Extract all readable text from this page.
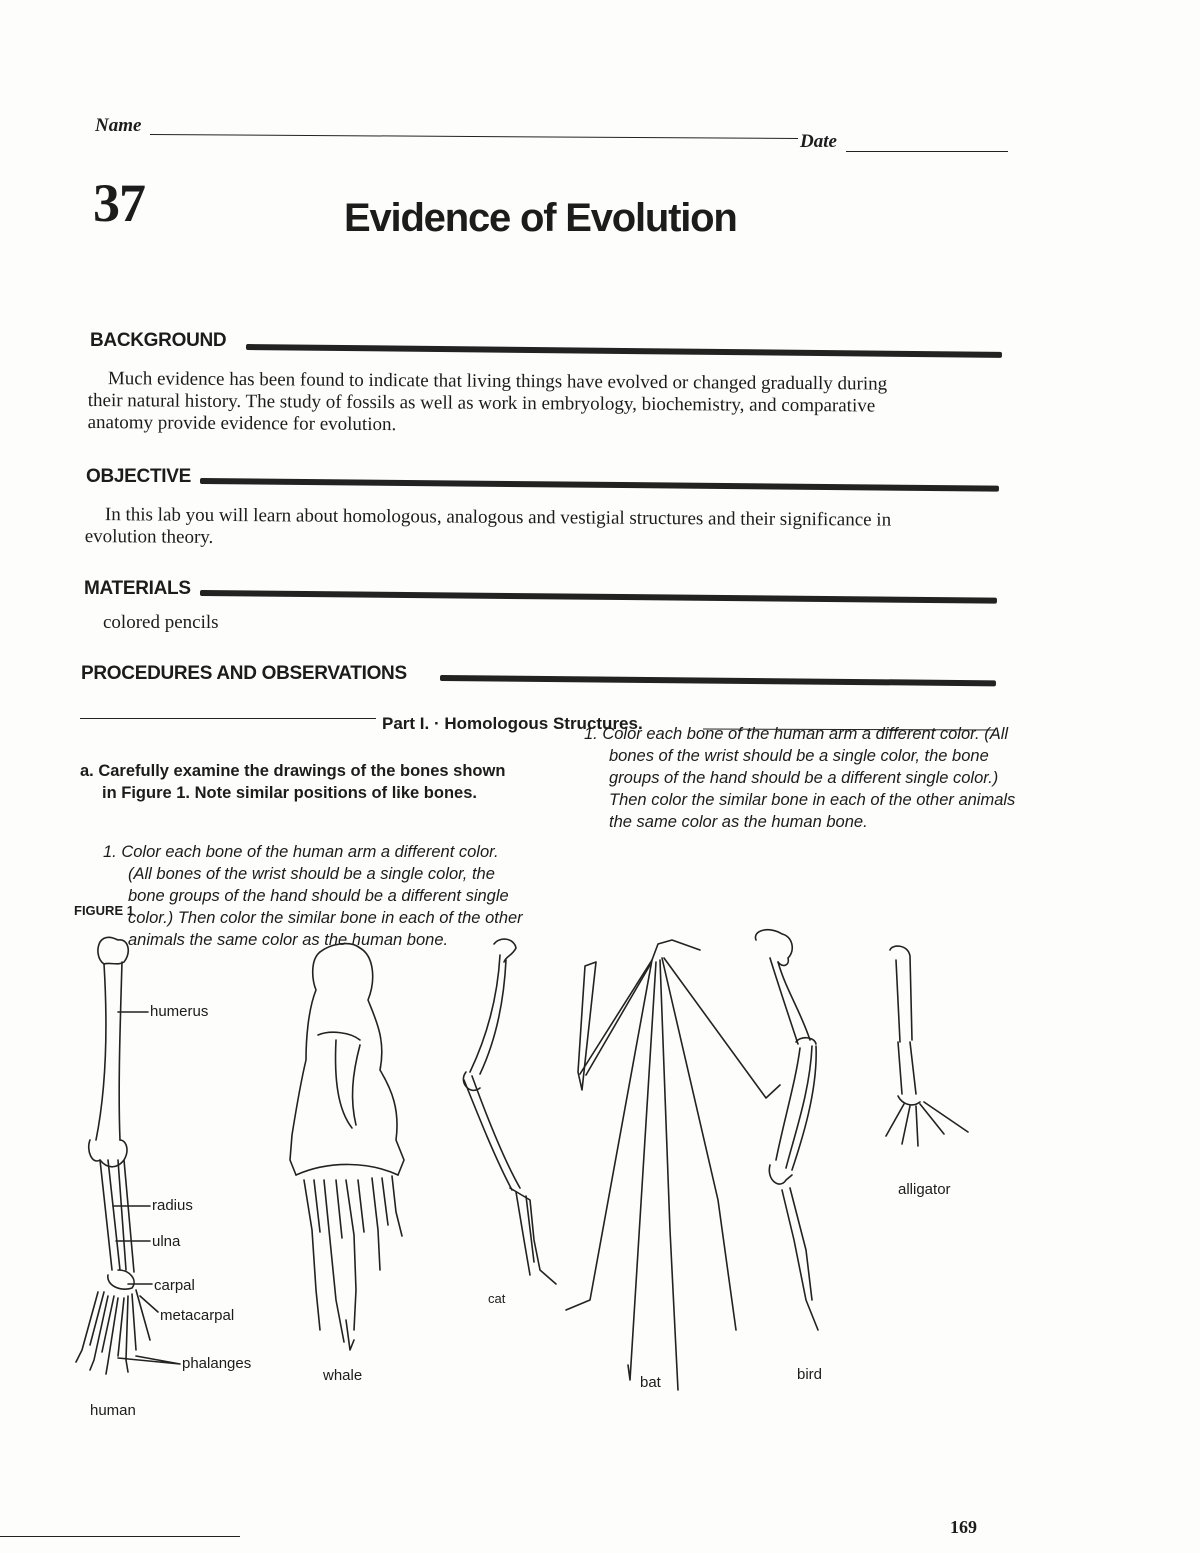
Name
Date
37	Evidence of Evolution
BACKGROUND
Much evidence has been found to indicate that living things have evolved or changed gradually during their natural history. The study of fossils as well as work in embryology, biochemistry, and comparative anatomy provide evidence for evolution.
OBJECTIVE
In this lab you will learn about homologous, analogous and vestigial structures and their significance in evolution theory.
MATERIALS
colored pencils
PROCEDURES AND OBSERVATIONS
Part I. · Homologous Structures.
a. Carefully examine the drawings of the bones shown in Figure 1. Note similar positions of like bones.
1. Color each bone of the human arm a different color. (All bones of the wrist should be a single color, the bone groups of the hand should be a different single color.) Then color the similar bone in each of the other animals the same color as the human bone.
1. Color each bone of the human arm a different color. (All bones of the wrist should be a single color, the bone groups of the hand should be a different single color.) Then color the similar bone in each of the other animals the same color as the human bone.
FIGURE 1
humerus
radius
ulna
carpal
metacarpal
phalanges
human
whale
cat
bat	bird
alligator
169
